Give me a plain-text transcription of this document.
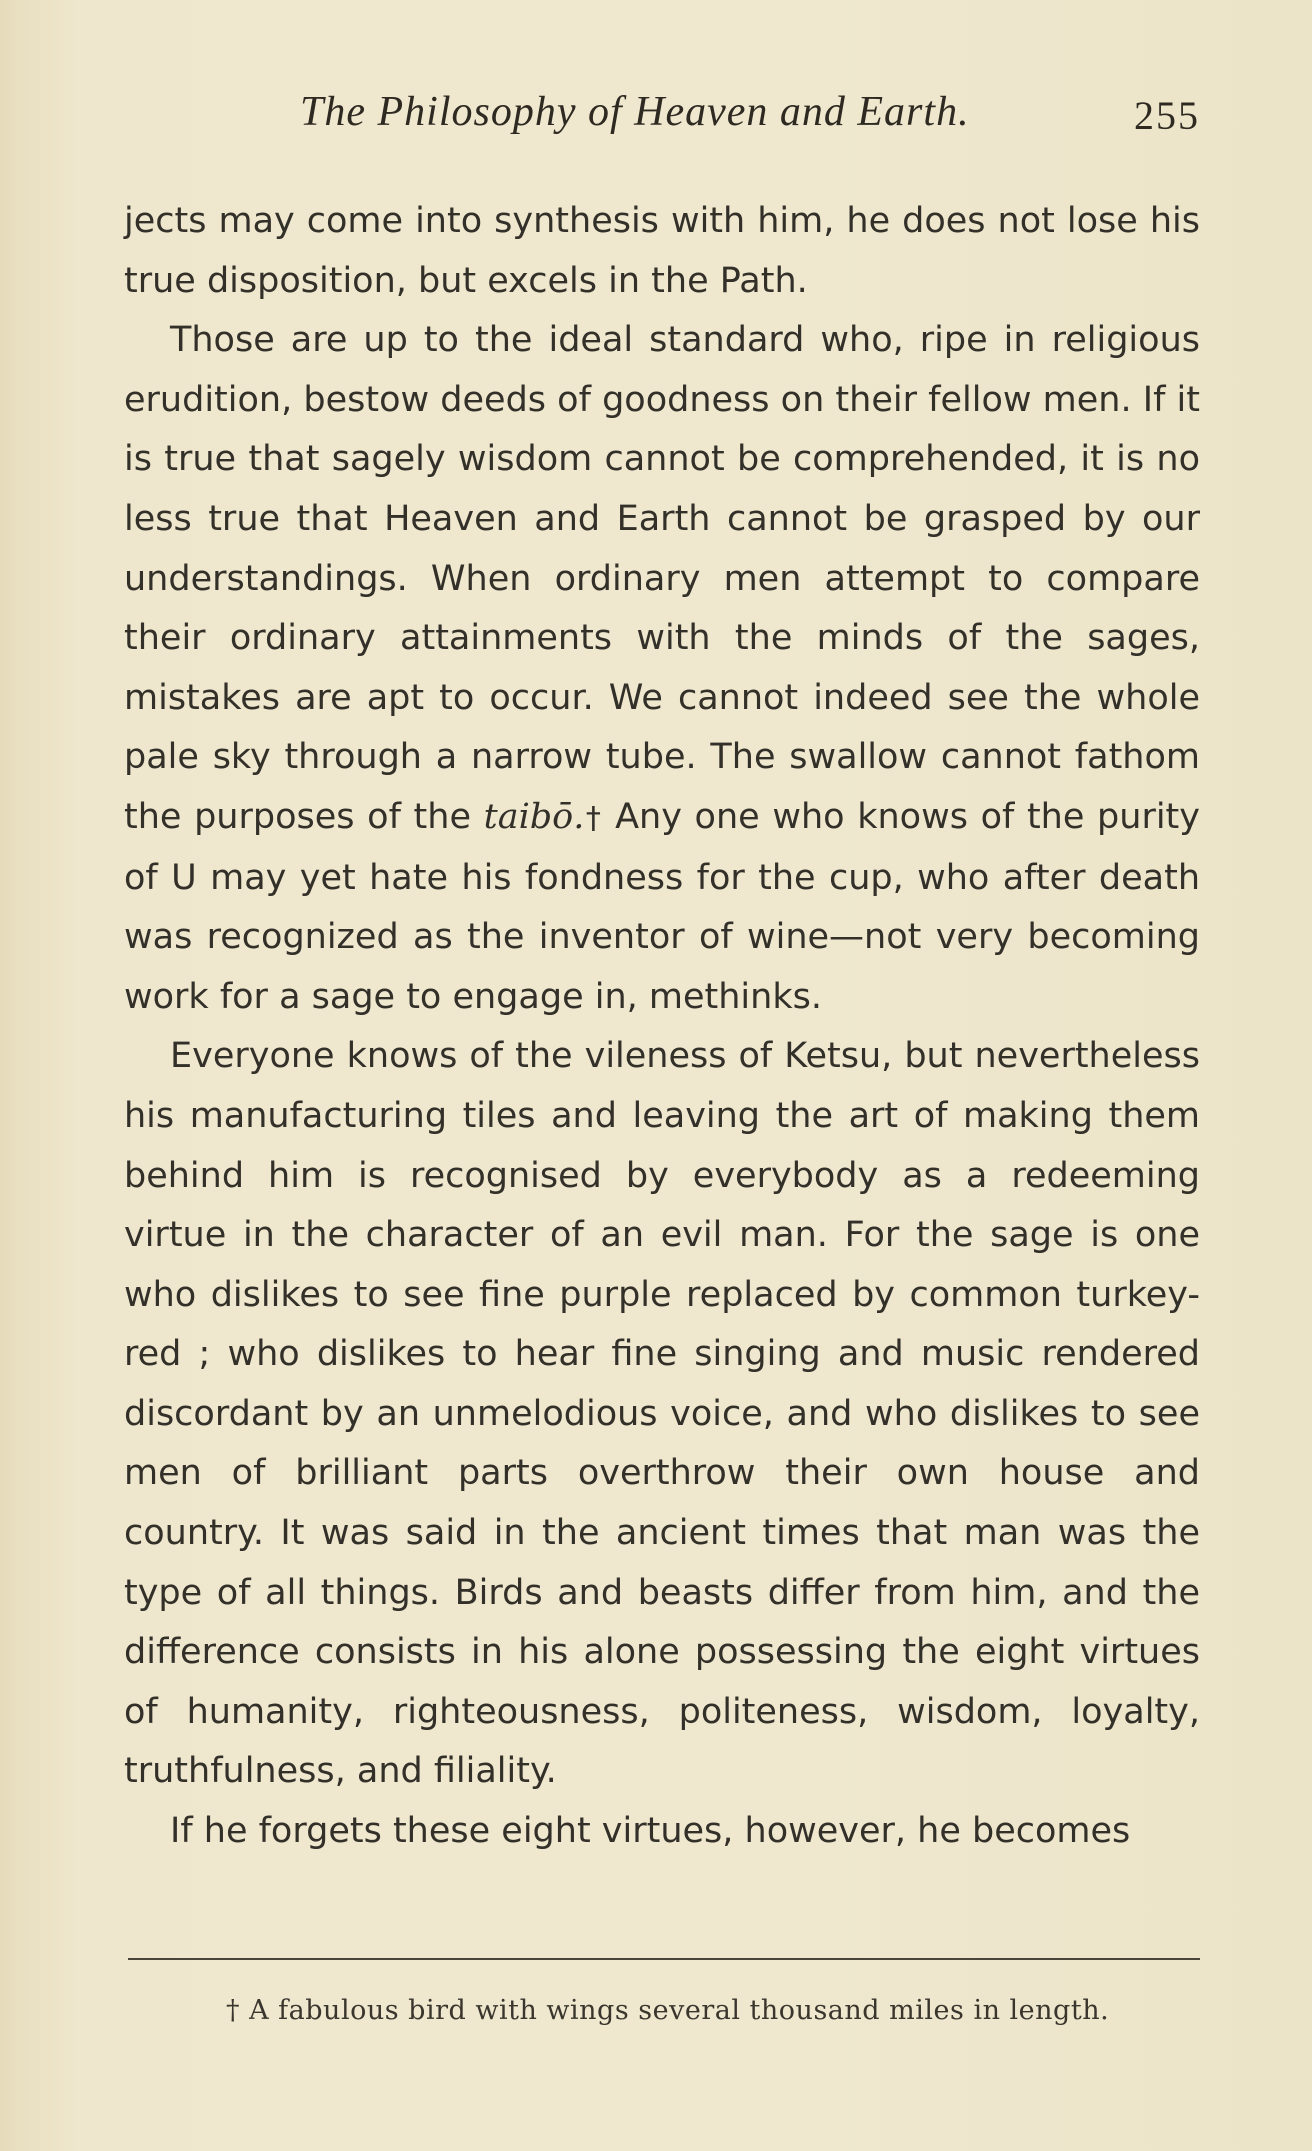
The Philosophy of Heaven and Earth.	255

jects may come into synthesis with him, he does not lose his true disposition, but excels in the Path.

Those are up to the ideal standard who, ripe in religious erudition, bestow deeds of goodness on their fellow men. If it is true that sagely wisdom cannot be comprehended, it is no less true that Heaven and Earth cannot be grasped by our understandings. When ordinary men attempt to compare their ordinary attainments with the minds of the sages, mistakes are apt to occur. We cannot indeed see the whole pale sky through a narrow tube. The swallow cannot fathom the purposes of the taibō.† Any one who knows of the purity of U may yet hate his fondness for the cup, who after death was recognized as the inventor of wine—not very becoming work for a sage to engage in, methinks.

Everyone knows of the vileness of Ketsu, but nevertheless his manufacturing tiles and leaving the art of making them behind him is recognised by everybody as a redeeming virtue in the character of an evil man. For the sage is one who dislikes to see fine purple replaced by common turkey-red ; who dislikes to hear fine singing and music rendered discordant by an unmelodious voice, and who dislikes to see men of brilliant parts overthrow their own house and country. It was said in the ancient times that man was the type of all things. Birds and beasts differ from him, and the difference consists in his alone possessing the eight virtues of humanity, righteousness, politeness, wisdom, loyalty, truthfulness, and filiality.

If he forgets these eight virtues, however, he becomes

† A fabulous bird with wings several thousand miles in length.
